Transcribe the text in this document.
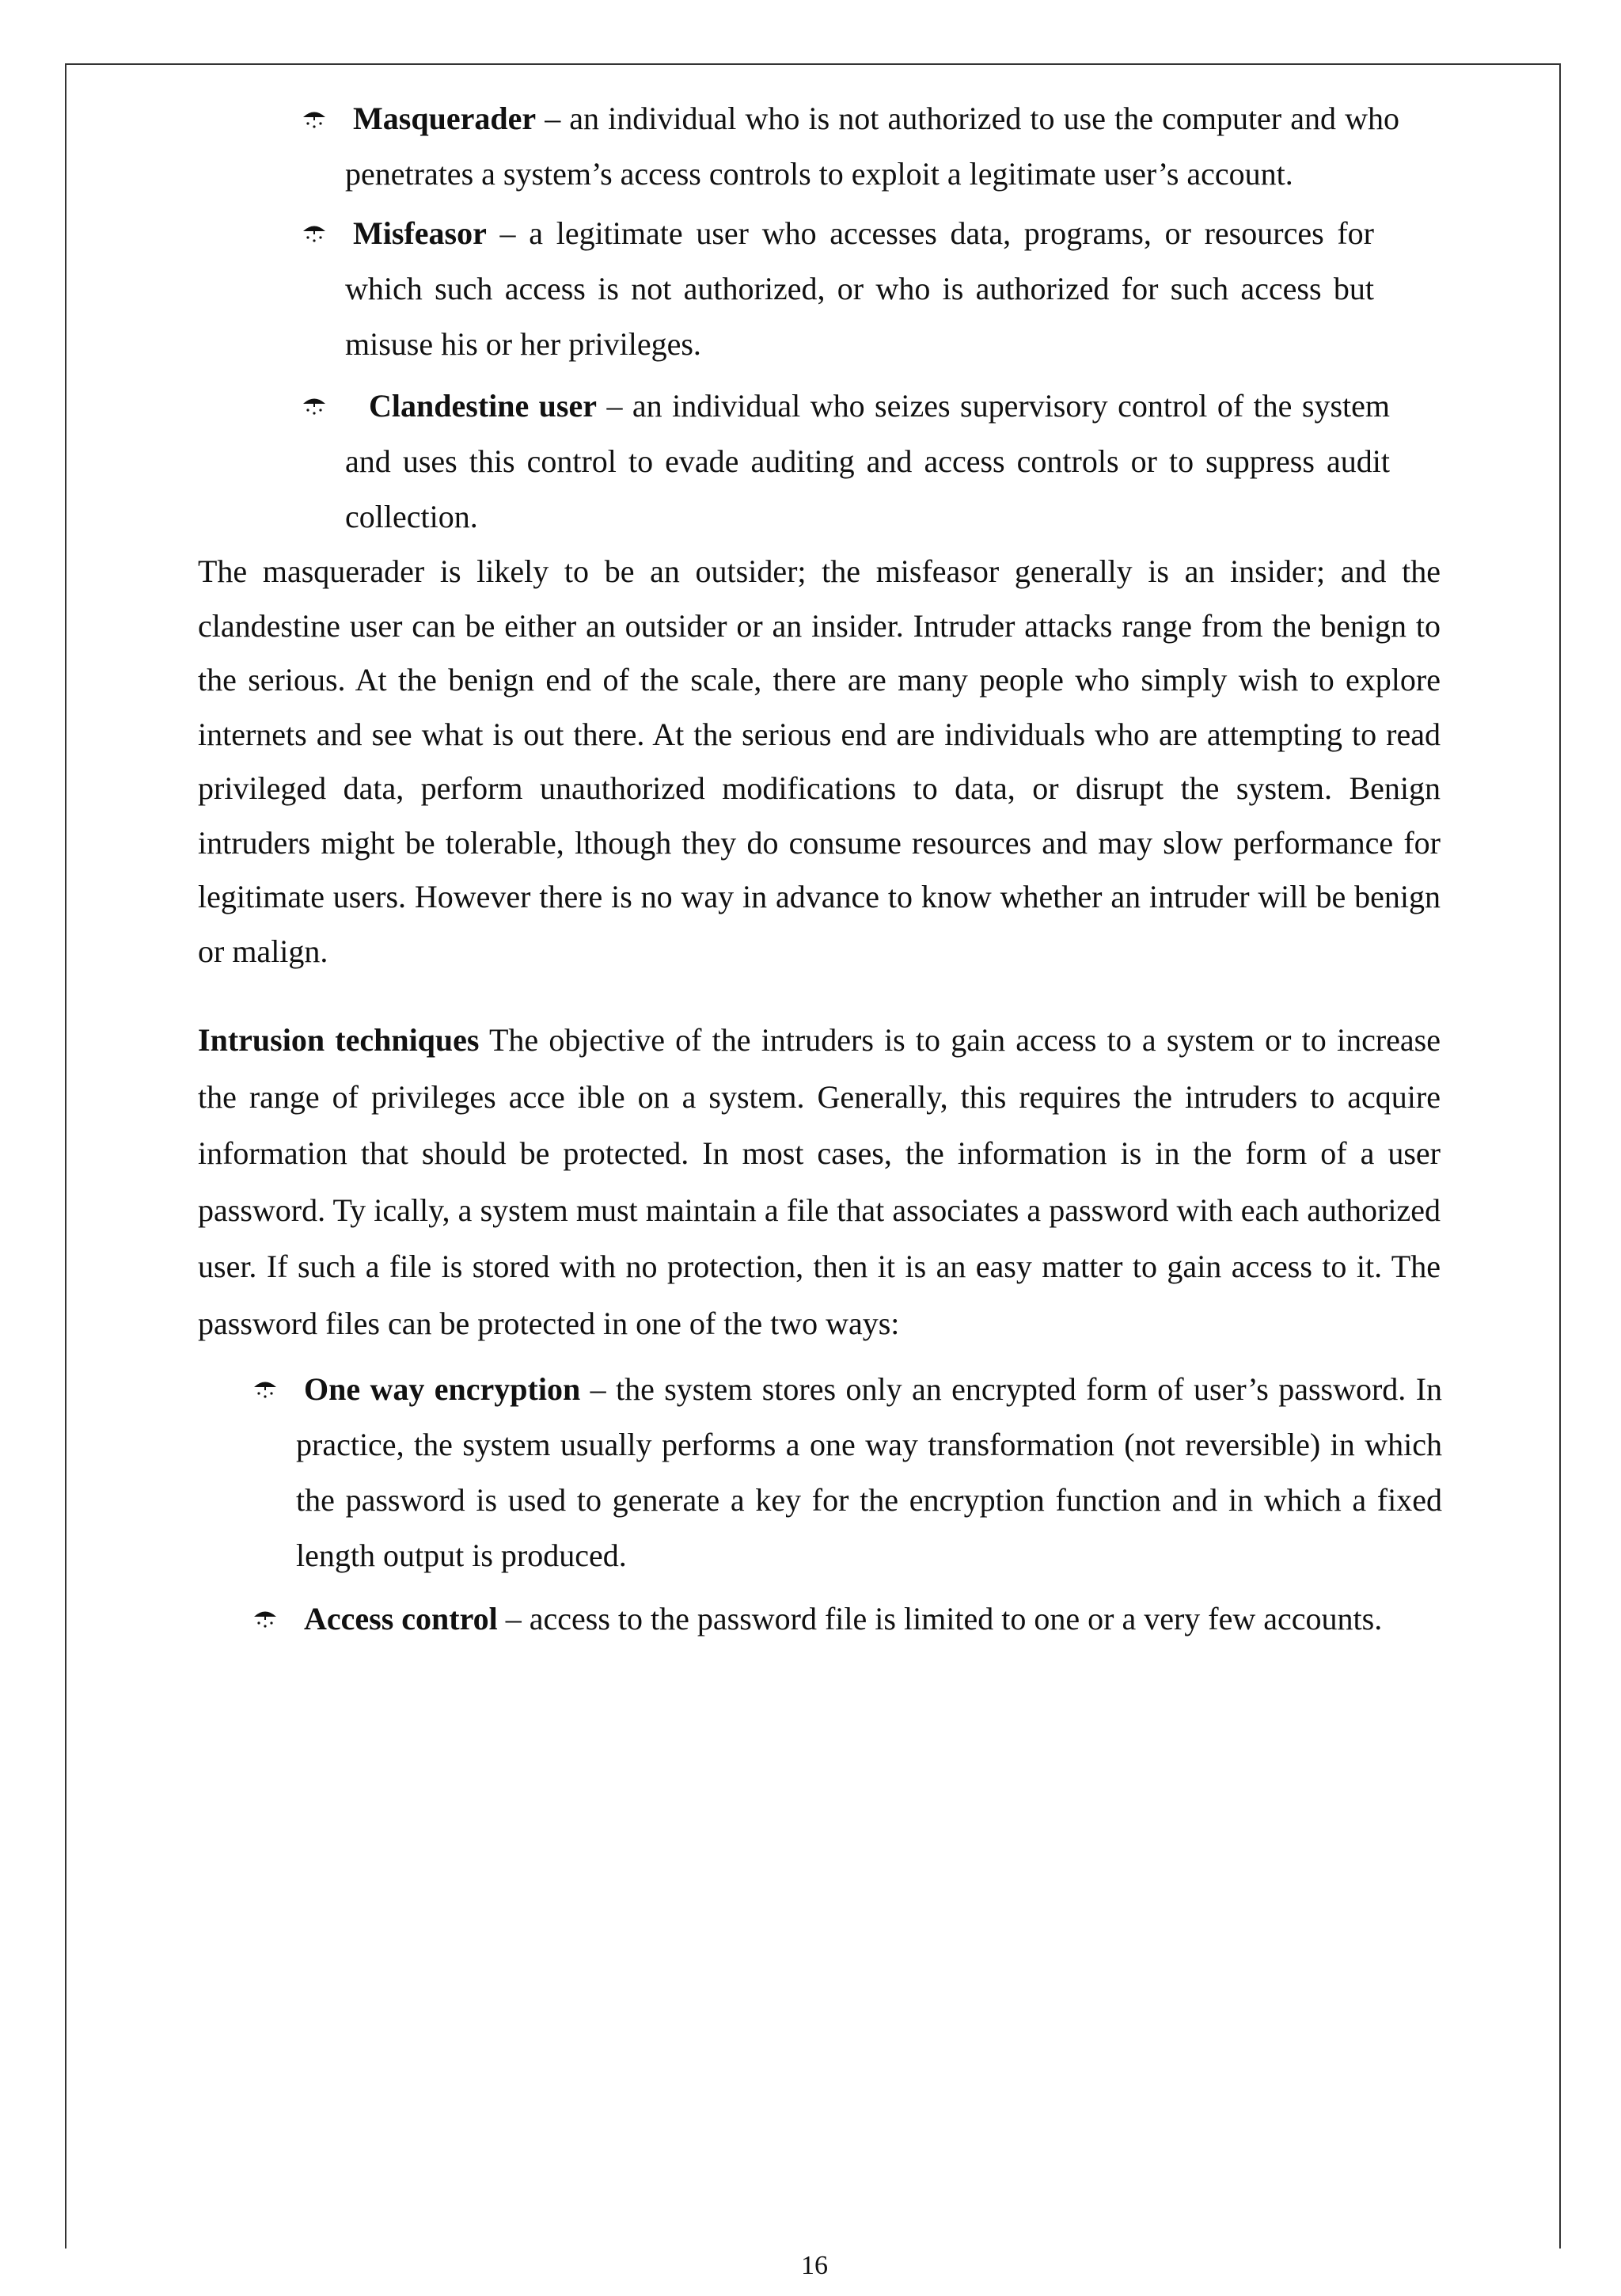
Masquerader – an individual who is not authorized to use the computer and who penetrates a system’s access controls to exploit a legitimate user’s account.
Misfeasor – a legitimate user who accesses data, programs, or resources for which such access is not authorized, or who is authorized for such access but misuse his or her privileges.
Clandestine user – an individual who seizes supervisory control of the system and uses this control to evade auditing and access controls or to suppress audit collection.
The masquerader is likely to be an outsider; the misfeasor generally is an insider; and the clandestine user can be either an outsider or an insider. Intruder attacks range from the benign to the serious. At the benign end of the scale, there are many people who simply wish to explore internets and see what is out there. At the serious end are individuals who are attempting to read privileged data, perform unauthorized modifications to data, or disrupt the system. Benign intruders might be tolerable, lthough they do consume resources and may slow performance for legitimate users. However there is no way in advance to know whether an intruder will be benign or malign.
Intrusion techniques The objective of the intruders is to gain access to a system or to increase the range of privileges acce ible on a system. Generally, this requires the intruders to acquire information that should be protected. In most cases, the information is in the form of a user password. Ty ically, a system must maintain a file that associates a password with each authorized user. If such a file is stored with no protection, then it is an easy matter to gain access to it. The password files can be protected in one of the two ways:
One way encryption – the system stores only an encrypted form of user’s password. In practice, the system usually performs a one way transformation (not reversible) in which the password is used to generate a key for the encryption function and in which a fixed length output is produced.
Access control – access to the password file is limited to one or a very few accounts.
16
